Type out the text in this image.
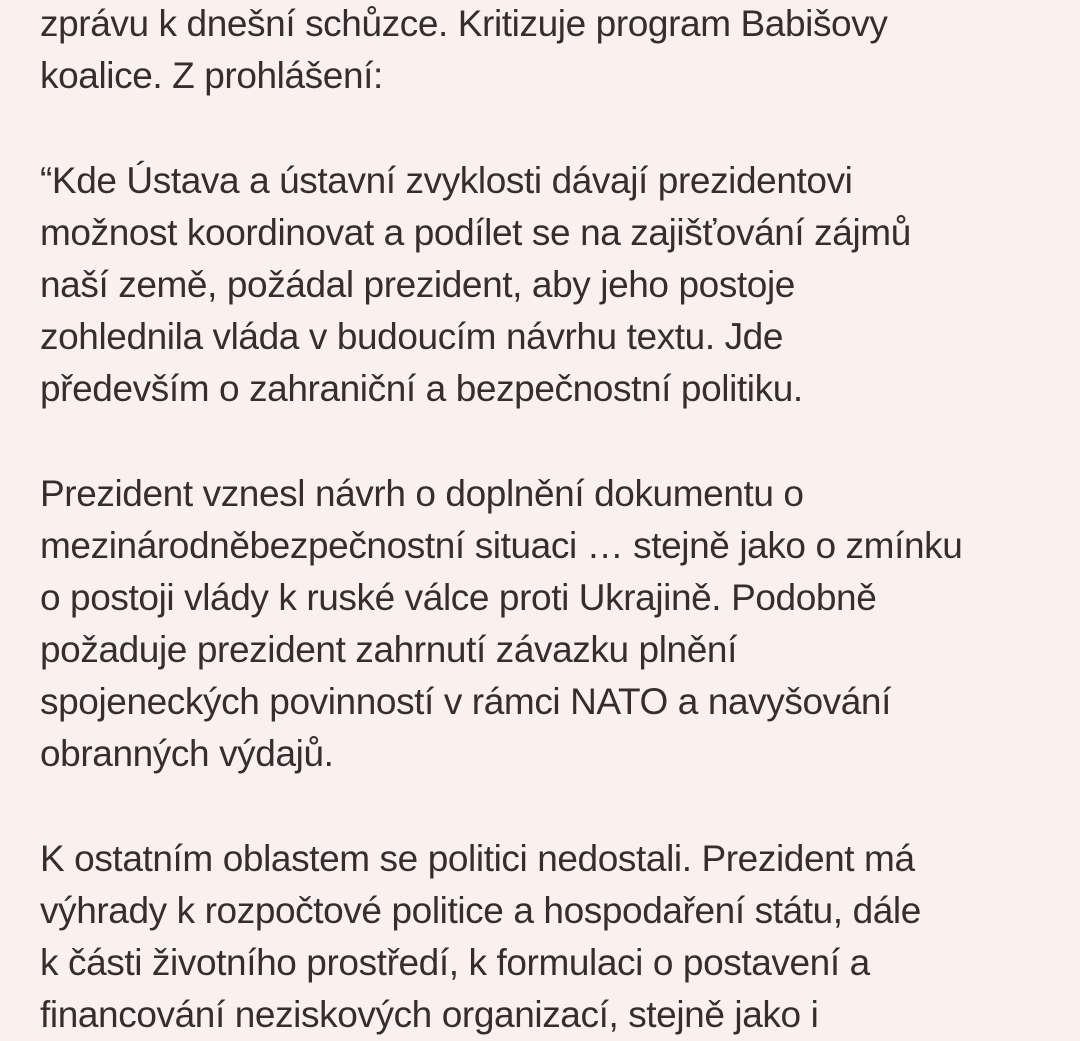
zprávu k dnešní schůzce. Kritizuje program Babišovy
koalice. Z prohlášení:
“Kde Ústava a ústavní zvyklosti dávají prezidentovi
možnost koordinovat a podílet se na zajišťování zájmů
naší země, požádal prezident, aby jeho postoje
zohlednila vláda v budoucím návrhu textu. Jde
především o zahraniční a bezpečnostní politiku.
Prezident vznesl návrh o doplnění dokumentu o
mezinárodněbezpečnostní situaci … stejně jako o zmínku
o postoji vlády k ruské válce proti Ukrajině. Podobně
požaduje prezident zahrnutí závazku plnění
spojeneckých povinností v rámci NATO a navyšování
obranných výdajů.
K ostatním oblastem se politici nedostali. Prezident má
výhrady k rozpočtové politice a hospodaření státu, dále
k části životního prostředí, k formulaci o postavení a
financování neziskových organizací, stejně jako i
